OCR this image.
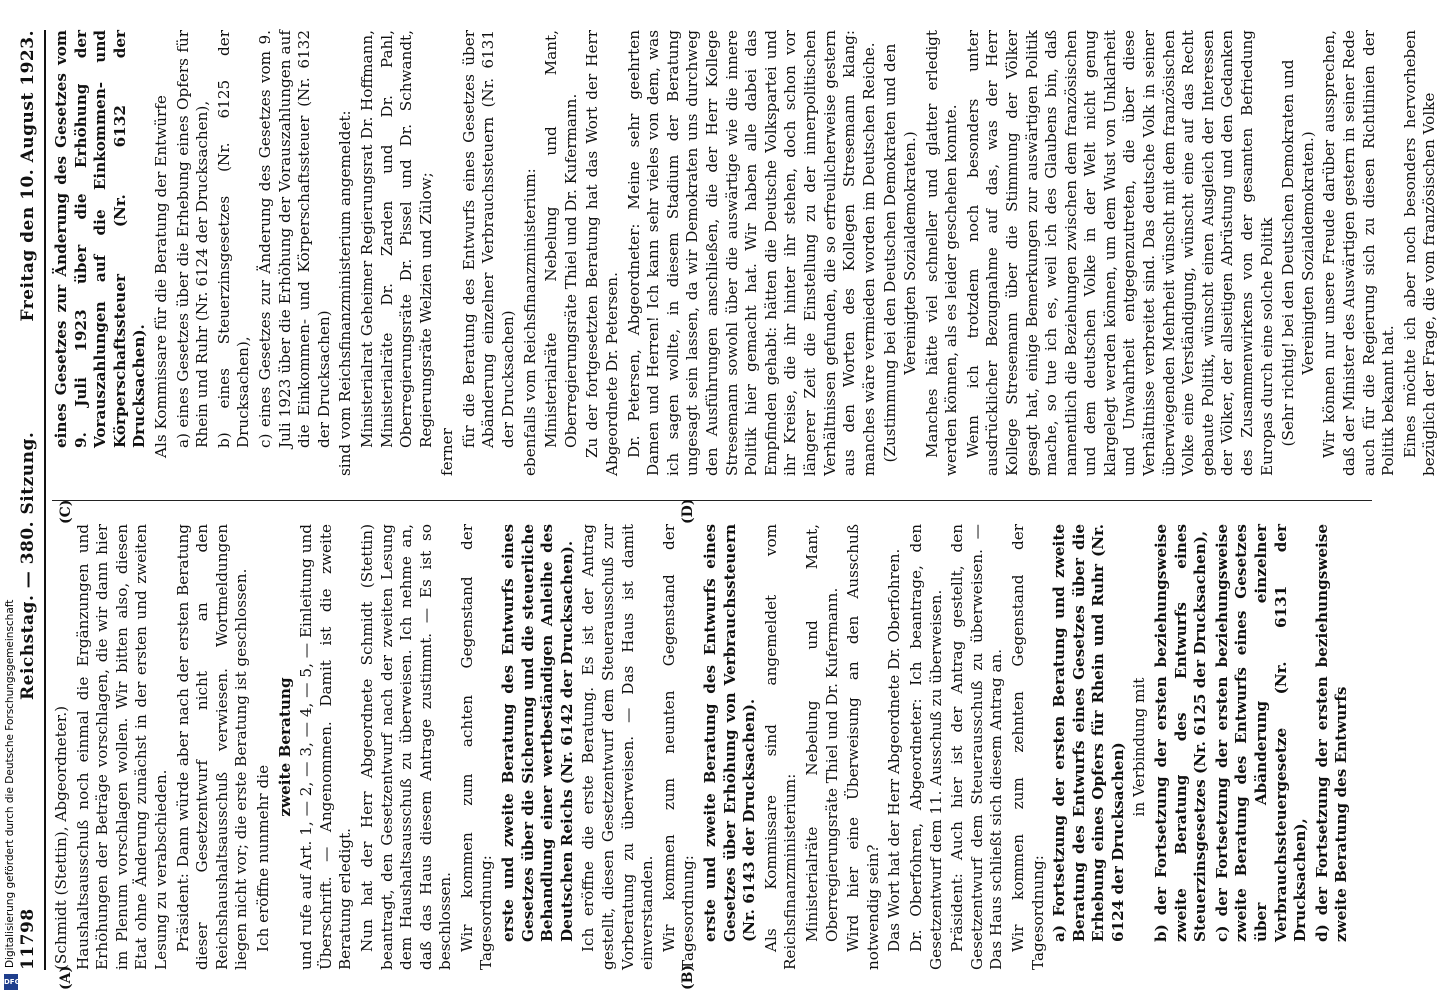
11798
Reichstag. — 380. Sitzung.
Freitag den 10. August 1923.

(Schmidt (Stettin), Abgeordneter.) Haushaltsausschuß noch einmal die Ergänzungen und Erhöhungen der Beträge vorschlagen, die wir dann hier im Plenum vorschlagen wollen. Wir bitten also, diesen Etat ohne Änderung zunächst in der ersten und zweiten Lesung zu verabschieden. Präsident: Dann würde aber nach der ersten Beratung dieser Gesetzentwurf nicht an den Reichshaushaltsausschuß verwiesen. Wortmeldungen liegen nicht vor; die erste Beratung ist geschlossen. Ich eröffne nunmehr die

zweite Beratung und rufe auf Art. 1, — 2, — 3, — 4, — 5, — Einleitung und Überschrift. — Angenommen. Damit ist die zweite Beratung erledigt. Nun hat der Herr Abgeordnete Schmidt (Stettin) beantragt, den Gesetzentwurf nach der zweiten Lesung dem Haushaltsausschuß zu überweisen. Ich nehme an, daß das Haus diesem Antrage zustimmt. — Es ist so beschlossen. Wir kommen zum achten Gegenstand der Tagesordnung: erste und zweite Beratung des Entwurfs eines Gesetzes über die Sicherung und die steuerliche Behandlung einer wertbeständigen Anleihe des Deutschen Reichs (Nr. 6142 der Drucksachen). Ich eröffne die erste Beratung. Es ist der Antrag gestellt, diesen Gesetzentwurf dem Steuerausschuß zur Vorberatung zu überweisen. — Das Haus ist damit einverstanden. Wir kommen zum neunten Gegenstand der Tagesordnung: erste und zweite Beratung des Entwurfs eines Gesetzes über Erhöhung von Verbrauchssteuern (Nr. 6143 der Drucksachen). Als Kommissare sind angemeldet vom Reichsfinanzministerium: Ministerialräte Nebelung und Mant, Oberregierungsräte Thiel und Dr. Kufermann. Wird hier eine Überweisung an den Ausschuß notwendig sein? Das Wort hat der Herr Abgeordnete Dr. Oberfohren. Dr. Oberfohren, Abgeordneter: Ich beantrage, den Gesetzentwurf dem 11. Ausschuß zu überweisen. Präsident: Auch hier ist der Antrag gestellt, den Gesetzentwurf dem Steuerausschuß zu überweisen. — Das Haus schließt sich diesem Antrag an. Wir kommen zum zehnten Gegenstand der Tagesordnung: a) Fortsetzung der ersten Beratung und zweite Beratung des Entwurfs eines Gesetzes über die Erhebung eines Opfers für Rhein und Ruhr (Nr. 6124 der Drucksachen) in Verbindung mit b) der Fortsetzung der ersten beziehungsweise zweite Beratung des Entwurfs eines Steuerzinsgesetzes (Nr. 6125 der Drucksachen), c) der Fortsetzung der ersten beziehungsweise zweite Beratung des Entwurfs eines Gesetzes über Abänderung einzelner Verbrauchssteuergesetze (Nr. 6131 der Drucksachen), d) der Fortsetzung der ersten beziehungsweise zweite Beratung des Entwurfs

eines Gesetzes zur Änderung des Gesetzes vom 9. Juli 1923 über die Erhöhung der Vorauszahlungen auf die Einkommen- und Körperschaftssteuer (Nr. 6132 der Drucksachen). Als Kommissare für die Beratung der Entwürfe a) eines Gesetzes über die Erhebung eines Opfers für Rhein und Ruhr (Nr. 6124 der Drucksachen), b) eines Steuerzinsgesetzes (Nr. 6125 der Drucksachen), c) eines Gesetzes zur Änderung des Gesetzes vom 9. Juli 1923 über die Erhöhung der Vorauszahlungen auf die Einkommen- und Körperschaftssteuer (Nr. 6132 der Drucksachen) sind vom Reichsfinanzministerium angemeldet: Ministerialrat Geheimer Regierungsrat Dr. Hoffmann, Ministerialräte Dr. Zarden und Dr. Pahl, Oberregierungsräte Dr. Pissel und Dr. Schwandt, Regierungsräte Welzien und Zülow;

ferner

für die Beratung des Entwurfs eines Gesetzes über Abänderung einzelner Verbrauchssteuern (Nr. 6131 der Drucksachen) ebenfalls vom Reichsfinanzministerium: Ministerialräte Nebelung und Mant, Oberregierungsräte Thiel und Dr. Kufermann. Zu der fortgesetzten Beratung hat das Wort der Herr Abgeordnete Dr. Petersen. Dr. Petersen, Abgeordneter: Meine sehr geehrten Damen und Herren! Ich kann sehr vieles von dem, was ich sagen wollte, in diesem Stadium der Beratung ungesagt sein lassen, da wir Demokraten uns durchweg den Ausführungen anschließen, die der Herr Kollege Stresemann sowohl über die auswärtige wie die innere Politik hier gemacht hat. Wir haben alle dabei das Empfinden gehabt: hätten die Deutsche Volkspartei und ihr Kreise, die ihr hinter ihr stehen, doch schon vor längerer Zeit die Einstellung zu der innerpolitischen Verhältnissen gefunden, die so erfreulicherweise gestern aus den Worten des Kollegen Stresemann klang: manches wäre vermieden worden im Deutschen Reiche. (Zustimmung bei den Deutschen Demokraten und den Vereinigten Sozialdemokraten.) Manches hätte viel schneller und glatter erledigt werden können, als es leider geschehen konnte. Wenn ich trotzdem noch besonders unter ausdrücklicher Bezugnahme auf das, was der Herr Kollege Stresemann über die Stimmung der Völker gesagt hat, einige Bemerkungen zur auswärtigen Politik mache, so tue ich es, weil ich des Glaubens bin, daß namentlich die Beziehungen zwischen dem französischen und dem deutschen Volke in der Welt nicht genug klargelegt werden können, um dem Wust von Unklarheit und Unwahrheit entgegenzutreten, die über diese Verhältnisse verbreitet sind. Das deutsche Volk in seiner überwiegenden Mehrheit wünscht mit dem französischen Volke eine Verständigung, wünscht eine auf das Recht gebaute Politik, wünscht einen Ausgleich der Interessen der Völker, der allseitigen Abrüstung und den Gedanken des Zusammenwirkens von der gesamten Befriedung Europas durch eine solche Politik (Sehr richtig! bei den Deutschen Demokraten und Vereinigten Sozialdemokraten.) Wir können nur unsere Freude darüber aussprechen, daß der Minister des Auswärtigen gestern in seiner Rede auch für die Regierung sich zu diesen Richtlinien der Politik bekannt hat. Eines möchte ich aber noch besonders hervorheben bezüglich der Frage, die vom französischen Volke

(A)	(B)
(C)	(D)
Digitalisierung gefördert durch die Deutsche Forschungsgemeinschaft
DFG
